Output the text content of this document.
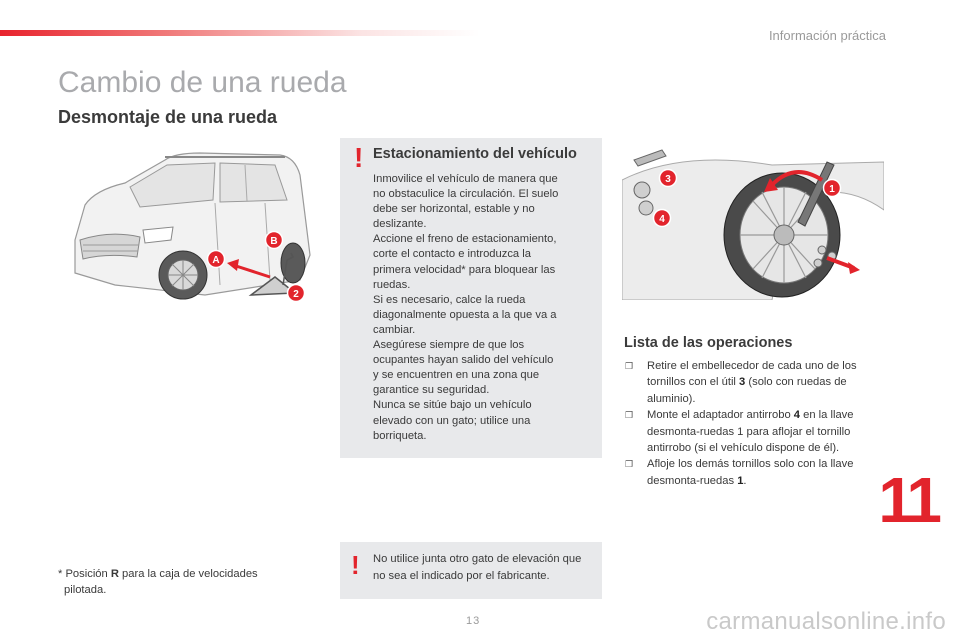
Información práctica
Cambio de una rueda
Desmontaje de una rueda
A
B
2
! Estacionamiento del vehículo

Inmovilice el vehículo de manera que

no obstaculice la circulación. El suelo

debe ser horizontal, estable y no

deslizante.

Accione el freno de estacionamiento,

corte el contacto e introduzca la

primera velocidad* para bloquear las

ruedas.

Si es necesario, calce la rueda

diagonalmente opuesta a la que va a

cambiar.

Asegúrese siempre de que los

ocupantes hayan salido del vehículo

y se encuentren en una zona que

garantice su seguridad.

Nunca se sitúe bajo un vehículo

elevado con un gato; utilice una

borriqueta.

3
4
1
Lista de las operaciones
❒ Retire el embellecedor de cada uno de los tornillos con el útil 3 (solo con ruedas de aluminio).
❒ Monte el adaptador antirrobo 4 en la llave desmonta-ruedas 1 para aflojar el tornillo antirrobo (si el vehículo dispone de él).
❒ Afloje los demás tornillos solo con la llave desmonta-ruedas 1.	11
* Posición R para la caja de velocidades
pilotada.
! No utilice junta otro gato de elevación que no sea el indicado por el fabricante.
13	carmanualsonline.info
